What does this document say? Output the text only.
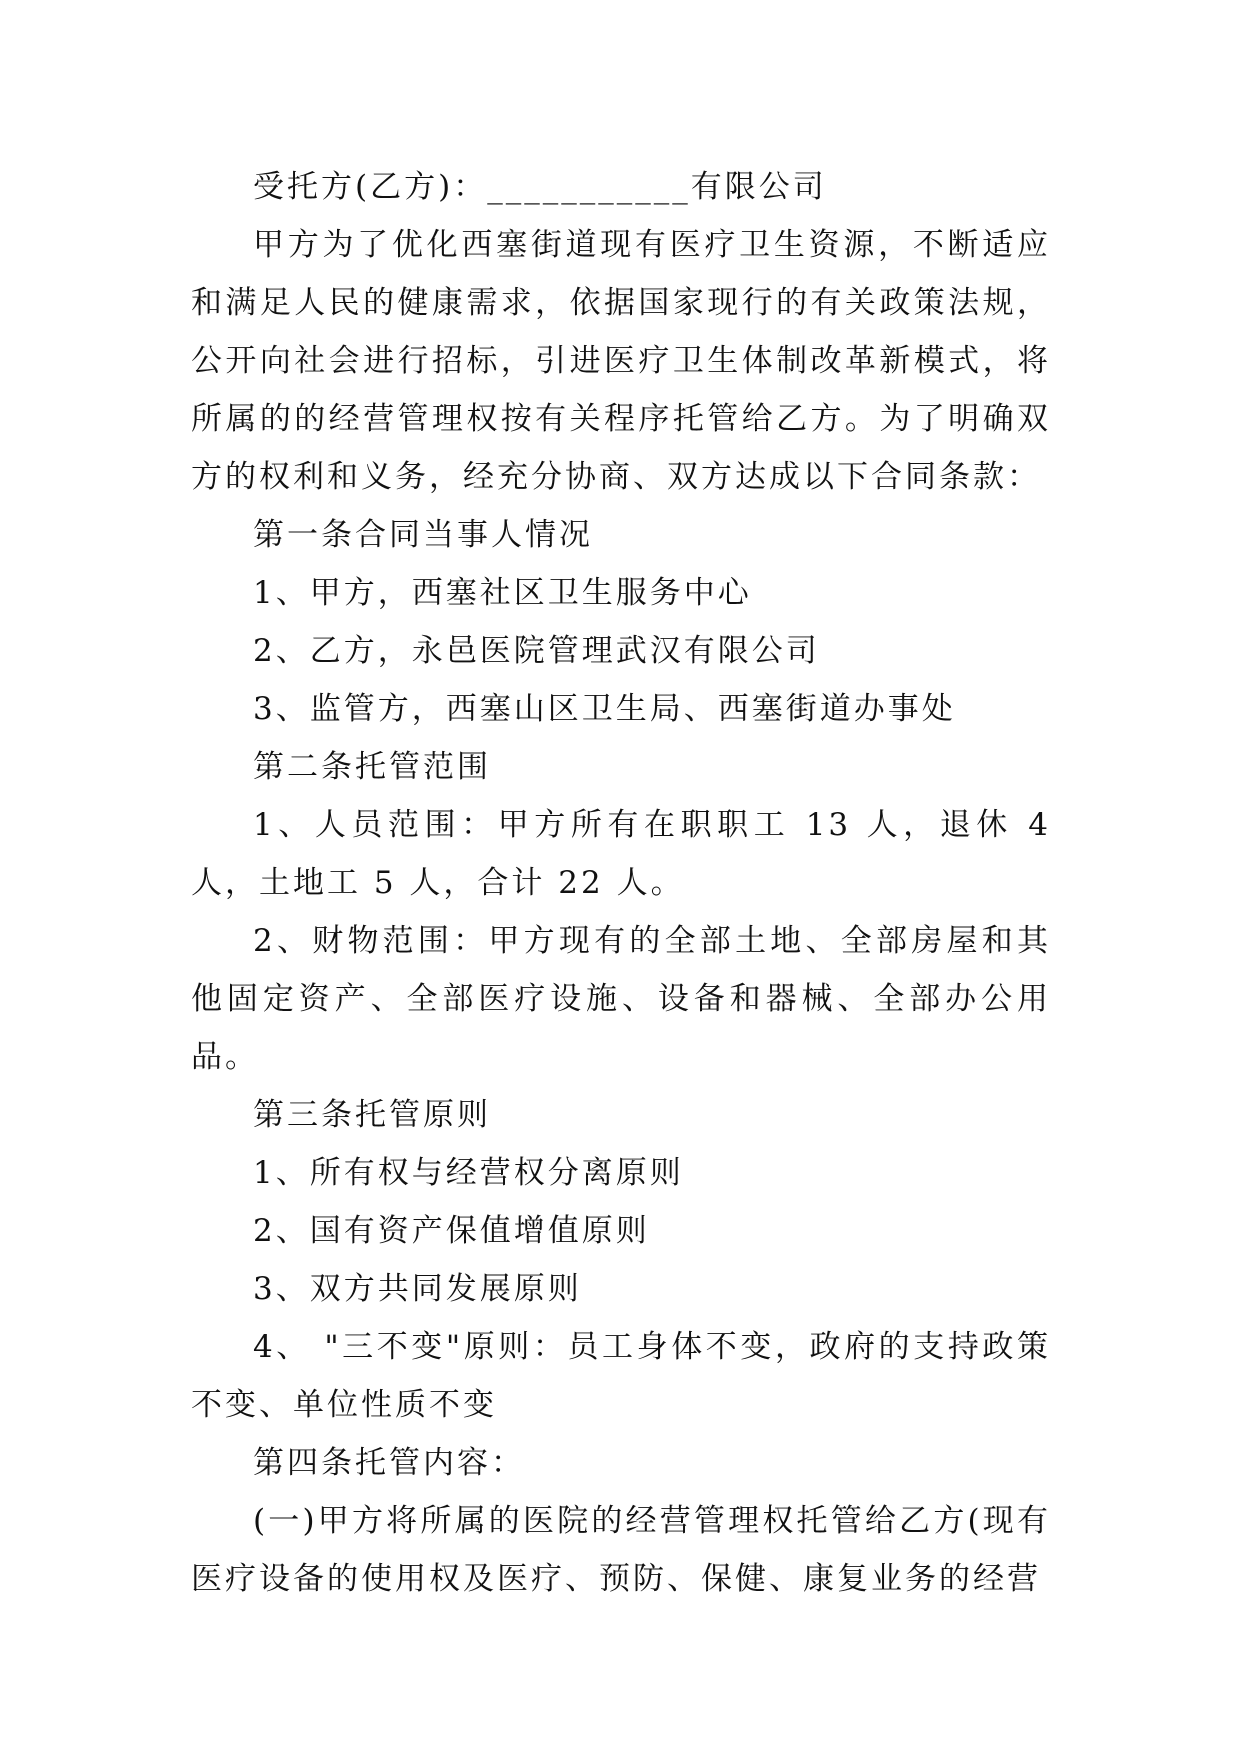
受托方(乙方)：___________有限公司

甲方为了优化西塞街道现有医疗卫生资源，不断适应和满足人民的健康需求，依据国家现行的有关政策法规，公开向社会进行招标，引进医疗卫生体制改革新模式，将所属的的经营管理权按有关程序托管给乙方。为了明确双方的权利和义务，经充分协商、双方达成以下合同条款：

第一条合同当事人情况

1、甲方，西塞社区卫生服务中心

2、乙方，永邑医院管理武汉有限公司

3、监管方，西塞山区卫生局、西塞街道办事处

第二条托管范围

1、人员范围：甲方所有在职职工 13 人，退休 4 人，土地工 5 人，合计 22 人。

2、财物范围：甲方现有的全部土地、全部房屋和其他固定资产、全部医疗设施、设备和器械、全部办公用品。

第三条托管原则

1、所有权与经营权分离原则

2、国有资产保值增值原则

3、双方共同发展原则

4、 "三不变"原则：员工身体不变，政府的支持政策不变、单位性质不变

第四条托管内容：

(一)甲方将所属的医院的经营管理权托管给乙方(现有医疗设备的使用权及医疗、预防、保健、康复业务的经营
